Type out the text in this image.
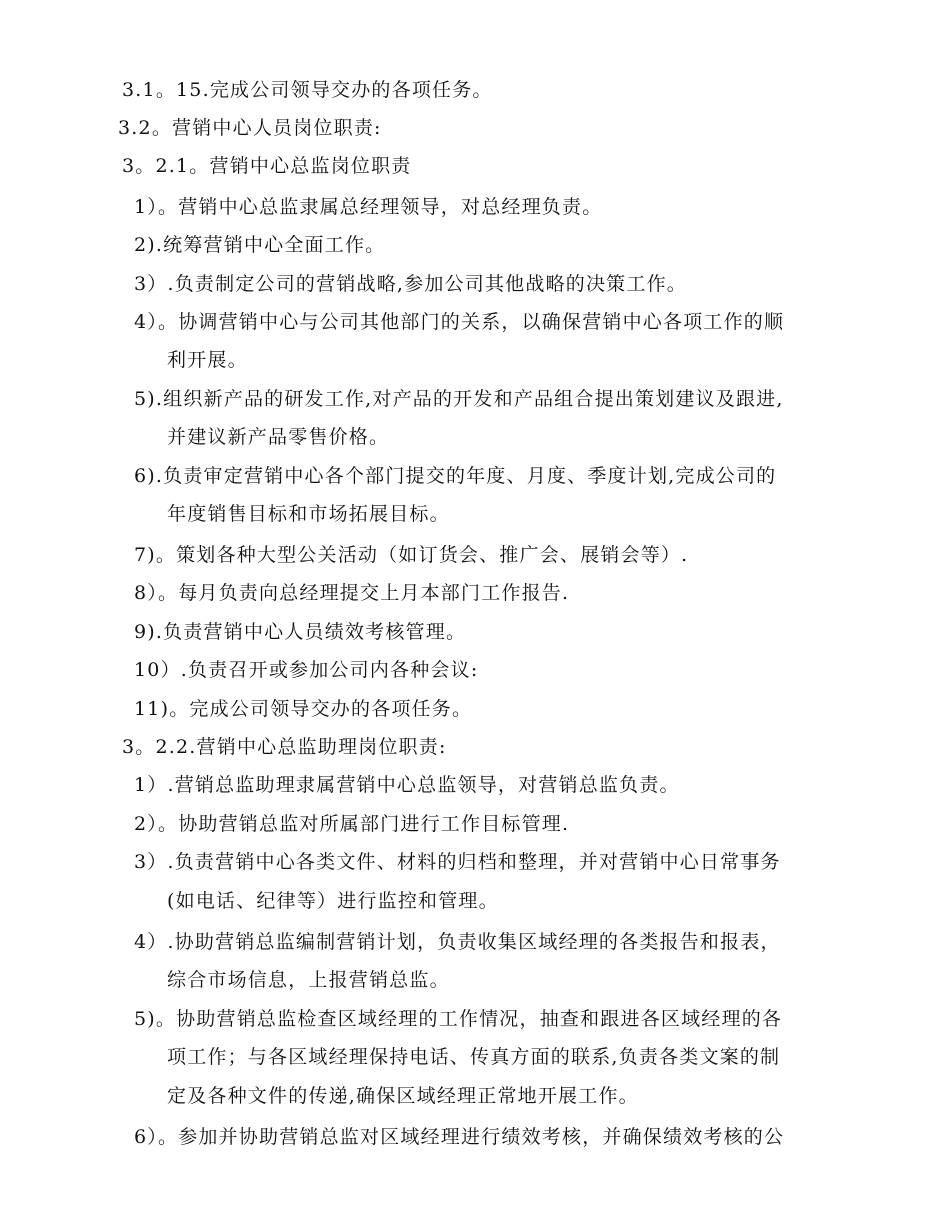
3.1。15.完成公司领导交办的各项任务。
3.2。营销中心人员岗位职责:
3。2.1。营销中心总监岗位职责
1）。营销中心总监隶属总经理领导，对总经理负责。
2).统筹营销中心全面工作。
3）.负责制定公司的营销战略,参加公司其他战略的决策工作。
4）。协调营销中心与公司其他部门的关系，以确保营销中心各项工作的顺
利开展。
5).组织新产品的研发工作,对产品的开发和产品组合提出策划建议及跟进,
并建议新产品零售价格。
6).负责审定营销中心各个部门提交的年度、月度、季度计划,完成公司的
年度销售目标和市场拓展目标。
7)。策划各种大型公关活动（如订货会、推广会、展销会等）.
8）。每月负责向总经理提交上月本部门工作报告.
9).负责营销中心人员绩效考核管理。
10）.负责召开或参加公司内各种会议:
11)。完成公司领导交办的各项任务。
3。2.2.营销中心总监助理岗位职责:
1）.营销总监助理隶属营销中心总监领导，对营销总监负责。
2）。协助营销总监对所属部门进行工作目标管理.
3）.负责营销中心各类文件、材料的归档和整理，并对营销中心日常事务
(如电话、纪律等）进行监控和管理。
4）.协助营销总监编制营销计划，负责收集区域经理的各类报告和报表，
综合市场信息，上报营销总监。
5)。协助营销总监检查区域经理的工作情况，抽查和跟进各区域经理的各
项工作；与各区域经理保持电话、传真方面的联系,负责各类文案的制
定及各种文件的传递,确保区域经理正常地开展工作。
6）。参加并协助营销总监对区域经理进行绩效考核，并确保绩效考核的公
